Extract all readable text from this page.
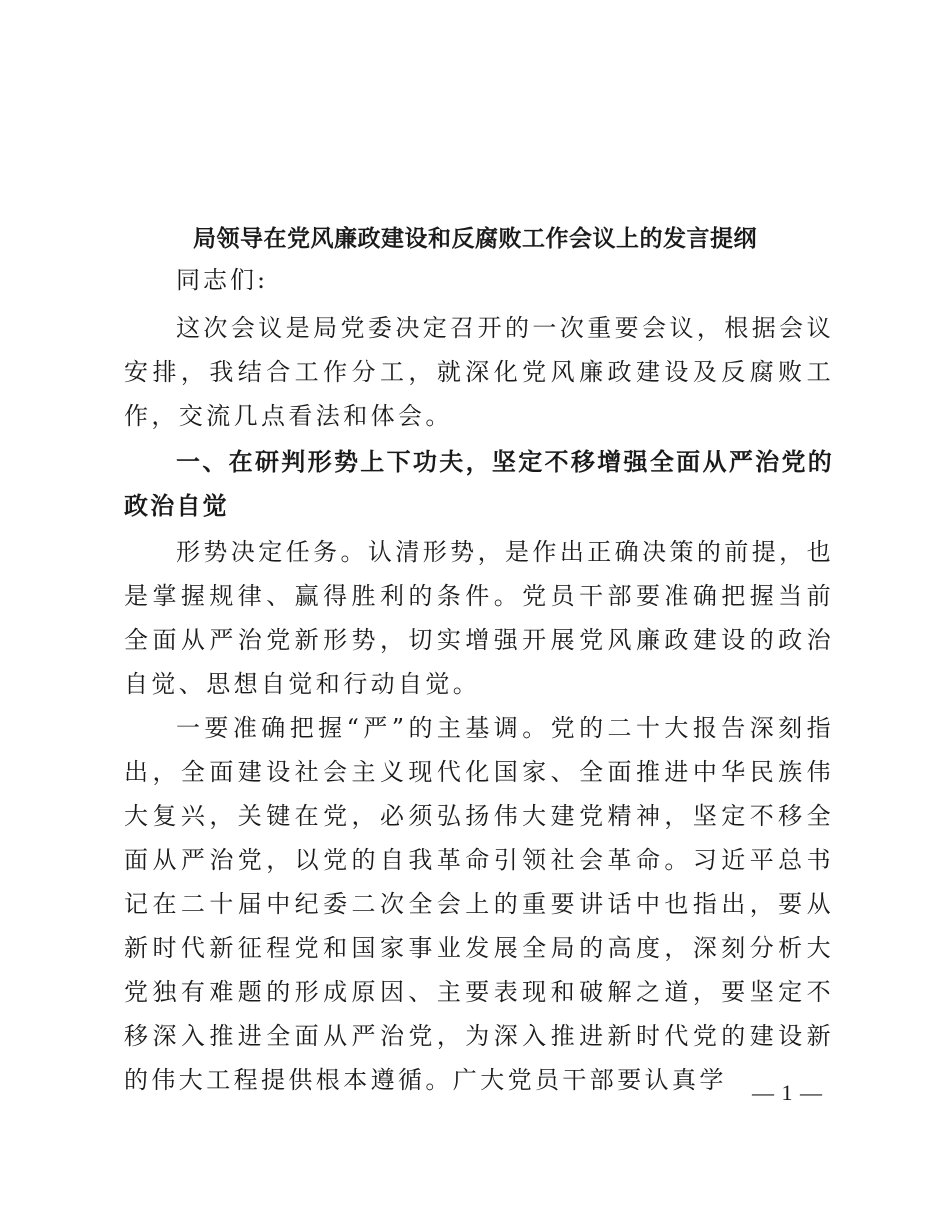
局领导在党风廉政建设和反腐败工作会议上的发言提纲
同志们:
这次会议是局党委决定召开的一次重要会议，根据会议安排，我结合工作分工，就深化党风廉政建设及反腐败工作，交流几点看法和体会。
一、在研判形势上下功夫，坚定不移增强全面从严治党的政治自觉
形势决定任务。认清形势，是作出正确决策的前提，也是掌握规律、赢得胜利的条件。党员干部要准确把握当前全面从严治党新形势，切实增强开展党风廉政建设的政治自觉、思想自觉和行动自觉。
一要准确把握“严”的主基调。党的二十大报告深刻指出，全面建设社会主义现代化国家、全面推进中华民族伟大复兴，关键在党，必须弘扬伟大建党精神，坚定不移全面从严治党，以党的自我革命引领社会革命。习近平总书记在二十届中纪委二次全会上的重要讲话中也指出，要从新时代新征程党和国家事业发展全局的高度，深刻分析大党独有难题的形成原因、主要表现和破解之道，要坚定不移深入推进全面从严治党，为深入推进新时代党的建设新的伟大工程提供根本遵循。广大党员干部要认真学	— 1 —
